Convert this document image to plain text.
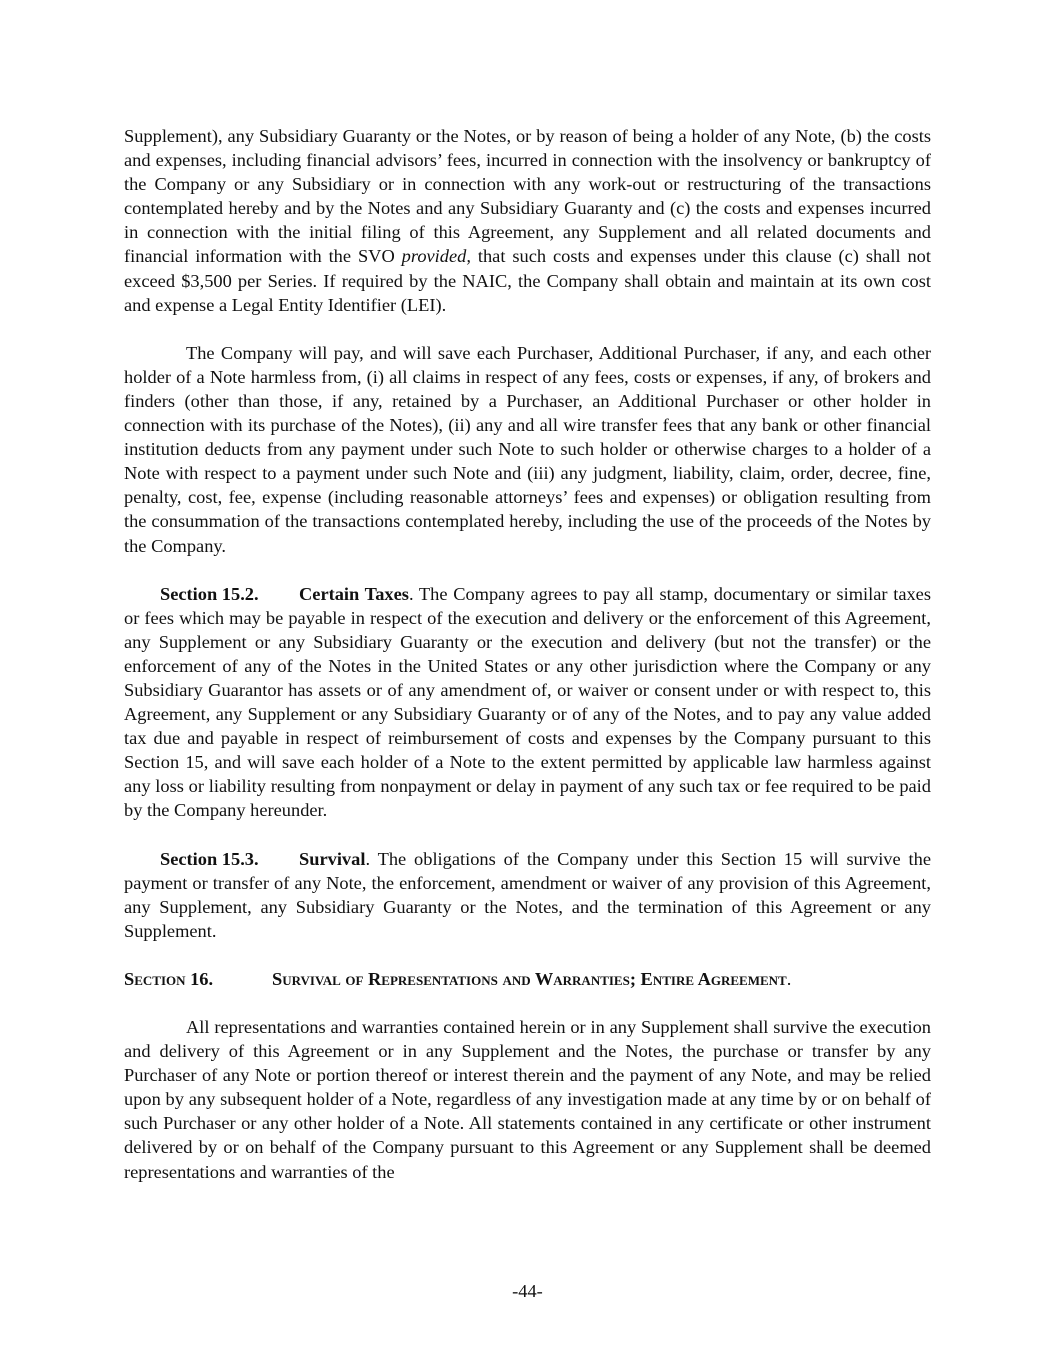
Supplement), any Subsidiary Guaranty or the Notes, or by reason of being a holder of any Note, (b) the costs and expenses, including financial advisors’ fees, incurred in connection with the insolvency or bankruptcy of the Company or any Subsidiary or in connection with any work-out or restructuring of the transactions contemplated hereby and by the Notes and any Subsidiary Guaranty and (c) the costs and expenses incurred in connection with the initial filing of this Agreement, any Supplement and all related documents and financial information with the SVO provided, that such costs and expenses under this clause (c) shall not exceed $3,500 per Series. If required by the NAIC, the Company shall obtain and maintain at its own cost and expense a Legal Entity Identifier (LEI).

The Company will pay, and will save each Purchaser, Additional Purchaser, if any, and each other holder of a Note harmless from, (i) all claims in respect of any fees, costs or expenses, if any, of brokers and finders (other than those, if any, retained by a Purchaser, an Additional Purchaser or other holder in connection with its purchase of the Notes), (ii) any and all wire transfer fees that any bank or other financial institution deducts from any payment under such Note to such holder or otherwise charges to a holder of a Note with respect to a payment under such Note and (iii) any judgment, liability, claim, order, decree, fine, penalty, cost, fee, expense (including reasonable attorneys’ fees and expenses) or obligation resulting from the consummation of the transactions contemplated hereby, including the use of the proceeds of the Notes by the Company.

Section 15.2. Certain Taxes. The Company agrees to pay all stamp, documentary or similar taxes or fees which may be payable in respect of the execution and delivery or the enforcement of this Agreement, any Supplement or any Subsidiary Guaranty or the execution and delivery (but not the transfer) or the enforcement of any of the Notes in the United States or any other jurisdiction where the Company or any Subsidiary Guarantor has assets or of any amendment of, or waiver or consent under or with respect to, this Agreement, any Supplement or any Subsidiary Guaranty or of any of the Notes, and to pay any value added tax due and payable in respect of reimbursement of costs and expenses by the Company pursuant to this Section 15, and will save each holder of a Note to the extent permitted by applicable law harmless against any loss or liability resulting from nonpayment or delay in payment of any such tax or fee required to be paid by the Company hereunder.

Section 15.3. Survival. The obligations of the Company under this Section 15 will survive the payment or transfer of any Note, the enforcement, amendment or waiver of any provision of this Agreement, any Supplement, any Subsidiary Guaranty or the Notes, and the termination of this Agreement or any Supplement.

Section 16.	Survival of Representations and Warranties; Entire Agreement.

All representations and warranties contained herein or in any Supplement shall survive the execution and delivery of this Agreement or in any Supplement and the Notes, the purchase or transfer by any Purchaser of any Note or portion thereof or interest therein and the payment of any Note, and may be relied upon by any subsequent holder of a Note, regardless of any investigation made at any time by or on behalf of such Purchaser or any other holder of a Note. All statements contained in any certificate or other instrument delivered by or on behalf of the Company pursuant to this Agreement or any Supplement shall be deemed representations and warranties of the

-44-
